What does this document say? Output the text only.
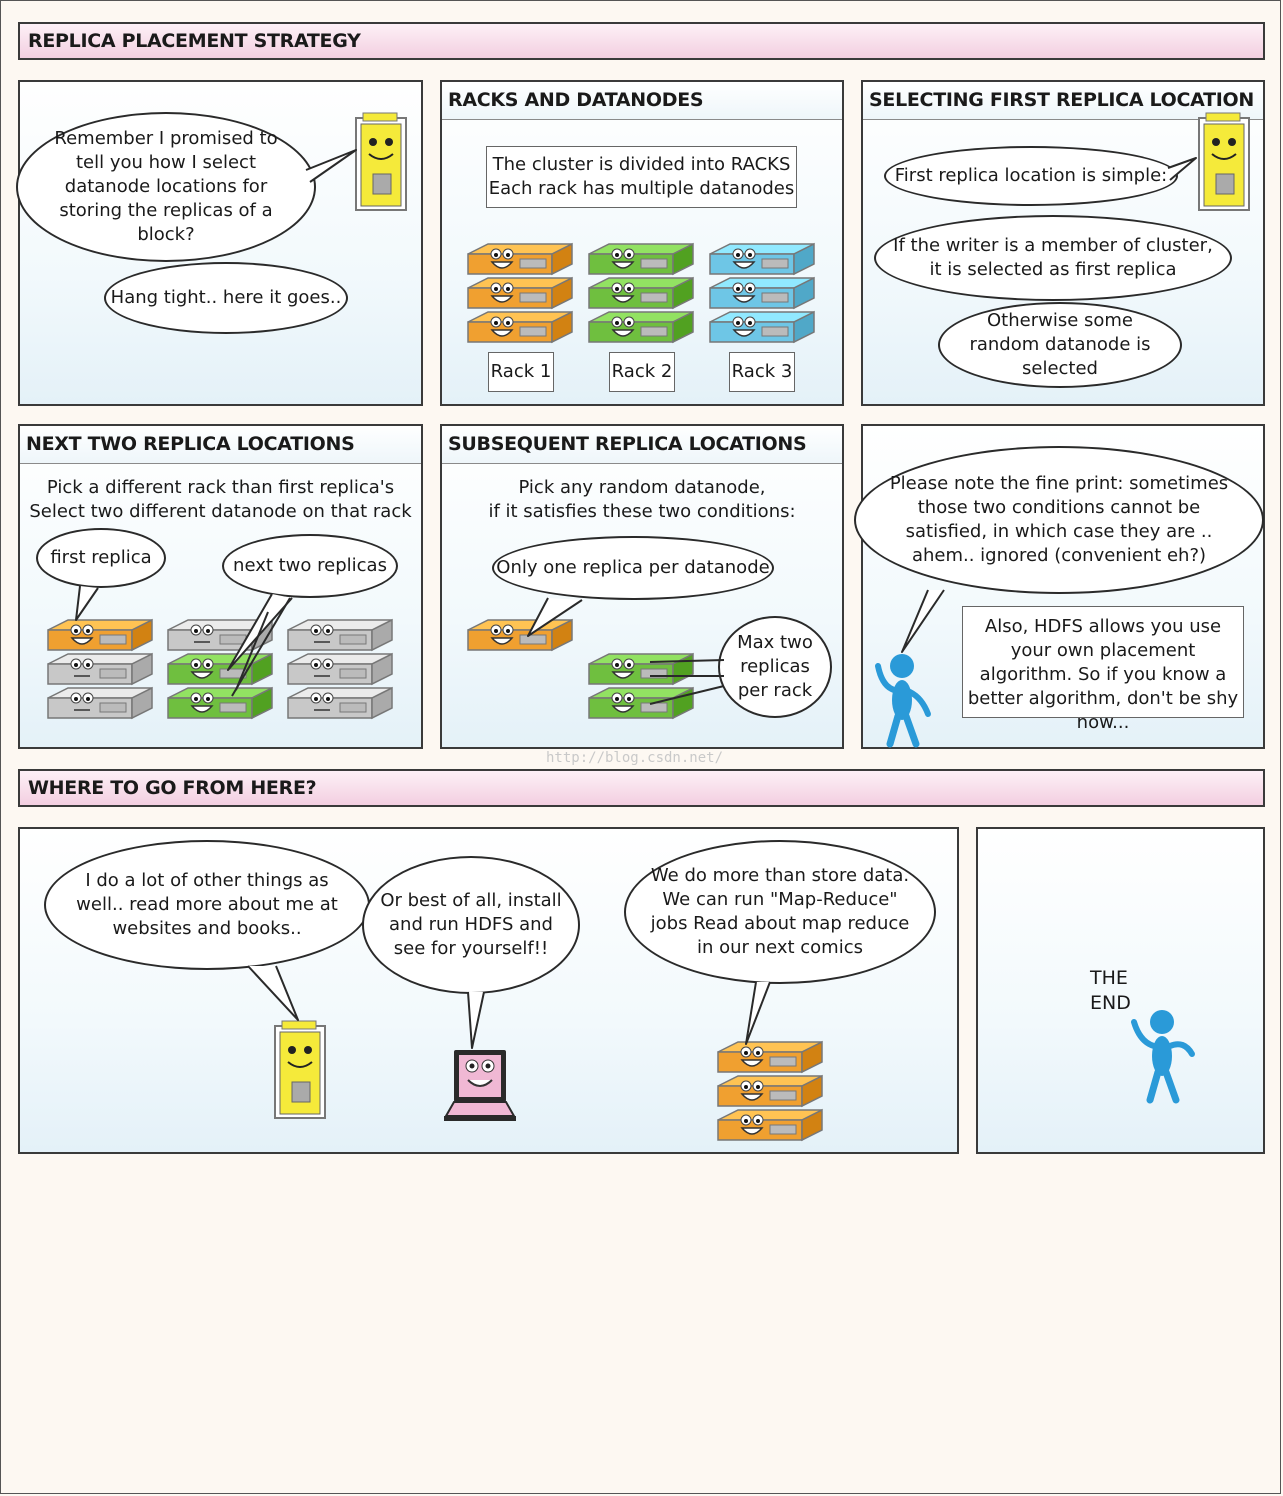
REPLICA PLACEMENT STRATEGY
Remember I promised to tell you how I select datanode locations for storing the replicas of a block?
Hang tight.. here it goes..
RACKS AND DATANODES
The cluster is divided into RACKS
Each rack has multiple datanodes
Rack 1	Rack 2	Rack 3
SELECTING FIRST REPLICA LOCATION
First replica location is simple:
If the writer is a member of cluster, it is selected as first replica
Otherwise some random datanode is selected
NEXT TWO REPLICA LOCATIONS
Pick a different rack than first replica's
Select two different datanode on that rack
first replica	next two replicas
SUBSEQUENT REPLICA LOCATIONS
Pick any random datanode,
if it satisfies these two conditions:
Only one replica per datanode
Max two replicas per rack
Please note the fine print: sometimes those two conditions cannot be satisfied, in which case they are .. ahem.. ignored (convenient eh?)
Also, HDFS allows you use your own placement algorithm. So if you know a better algorithm, don't be shy now...
WHERE TO GO FROM HERE?
I do a lot of other things as well.. read more about me at websites and books..
Or best of all, install and run HDFS and see for yourself!!
We do more than store data. We can run "Map-Reduce" jobs Read about map reduce in our next comics
THE
END
http://blog.csdn.net/
